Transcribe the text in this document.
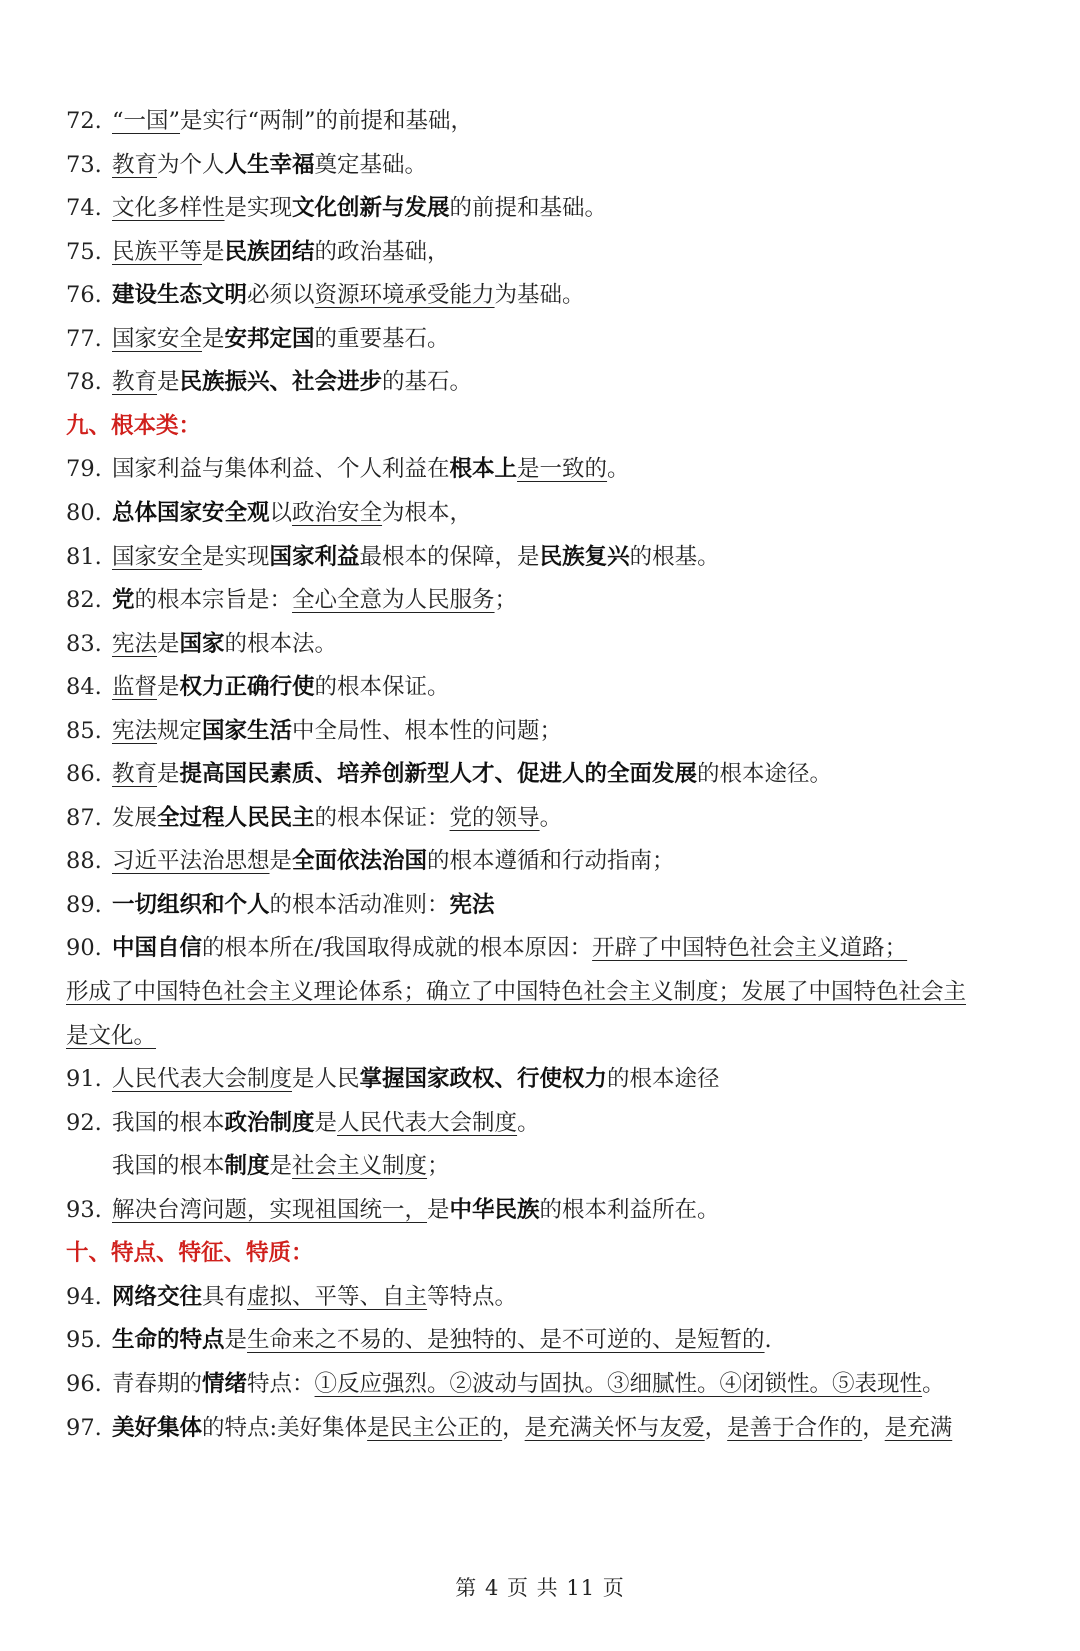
72. “一国”是实行“两制”的前提和基础，
73. 教育为个人人生幸福奠定基础。
74. 文化多样性是实现文化创新与发展的前提和基础。
75. 民族平等是民族团结的政治基础，
76. 建设生态文明必须以资源环境承受能力为基础。
77. 国家安全是安邦定国的重要基石。
78. 教育是民族振兴、社会进步的基石。
九、根本类：
79. 国家利益与集体利益、个人利益在根本上是一致的。
80. 总体国家安全观以政治安全为根本，
81. 国家安全是实现国家利益最根本的保障，是民族复兴的根基。
82. 党的根本宗旨是：全心全意为人民服务；
83. 宪法是国家的根本法。
84. 监督是权力正确行使的根本保证。
85. 宪法规定国家生活中全局性、根本性的问题；
86. 教育是提高国民素质、培养创新型人才、促进人的全面发展的根本途径。
87. 发展全过程人民民主的根本保证：党的领导。
88. 习近平法治思想是全面依法治国的根本遵循和行动指南；
89. 一切组织和个人的根本活动准则：宪法
90. 中国自信的根本所在/我国取得成就的根本原因：开辟了中国特色社会主义道路；
形成了中国特色社会主义理论体系；确立了中国特色社会主义制度；发展了中国特色社会主
是文化。
91. 人民代表大会制度是人民掌握国家政权、行使权力的根本途径
92. 我国的根本政治制度是人民代表大会制度。
我国的根本制度是社会主义制度；
93. 解决台湾问题，实现祖国统一，是中华民族的根本利益所在。
十、特点、特征、特质：
94. 网络交往具有虚拟、平等、自主等特点。
95. 生命的特点是生命来之不易的、是独特的、是不可逆的、是短暂的.
96. 青春期的情绪特点：①反应强烈。②波动与固执。③细腻性。④闭锁性。⑤表现性。
97. 美好集体的特点:美好集体是民主公正的，是充满关怀与友爱，是善于合作的，是充满
第 4 页 共 11 页
